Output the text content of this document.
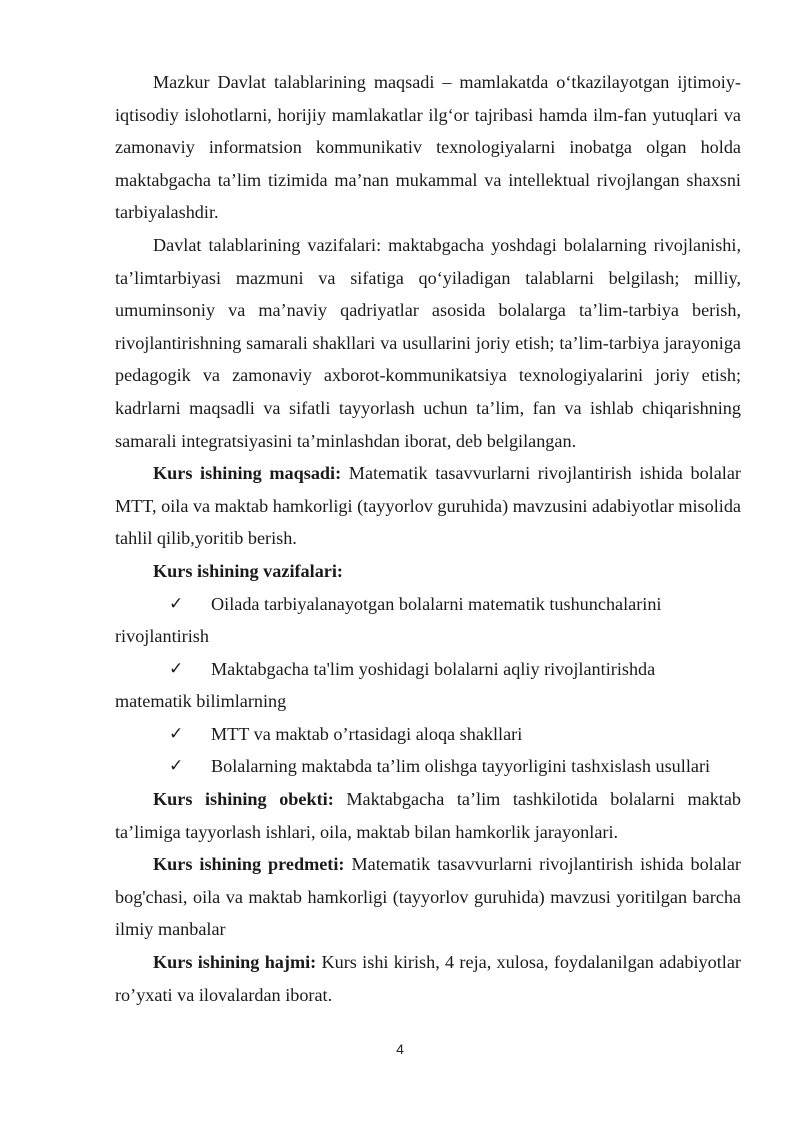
Mazkur Davlat talablarining maqsadi – mamlakatda o‘tkazilayotgan ijtimoiy-iqtisodiy islohotlarni, horijiy mamlakatlar ilg‘or tajribasi hamda ilm-fan yutuqlari va zamonaviy informatsion kommunikativ texnologiyalarni inobatga olgan holda maktabgacha ta’lim tizimida ma’nan mukammal va intellektual rivojlangan shaxsni tarbiyalashdir.

Davlat talablarining vazifalari: maktabgacha yoshdagi bolalarning rivojlanishi, ta’limtarbiyasi mazmuni va sifatiga qo‘yiladigan talablarni belgilash; milliy, umuminsoniy va ma’naviy qadriyatlar asosida bolalarga ta’lim-tarbiya berish, rivojlantirishning samarali shakllari va usullarini joriy etish; ta’lim-tarbiya jarayoniga pedagogik va zamonaviy axborot-kommunikatsiya texnologiyalarini joriy etish; kadrlarni maqsadli va sifatli tayyorlash uchun ta’lim, fan va ishlab chiqarishning samarali integratsiyasini ta’minlashdan iborat, deb belgilangan.

Kurs ishining maqsadi: Matematik tasavvurlarni rivojlantirish ishida bolalar MTT, oila va maktab hamkorligi (tayyorlov guruhida) mavzusini adabiyotlar misolida tahlil qilib,yoritib berish.

Kurs ishining vazifalari:

✓	Oilada tarbiyalanayotgan bolalarni matematik tushunchalarini
rivojlantirish
✓	Maktabgacha ta'lim yoshidagi bolalarni aqliy rivojlantirishda
matematik bilimlarning
✓	MTT va maktab o’rtasidagi aloqa shakllari
✓	Bolalarning maktabda ta’lim olishga tayyorligini tashxislash usullari

Kurs ishining obekti: Maktabgacha ta’lim tashkilotida bolalarni maktab ta’limiga tayyorlash ishlari, oila, maktab bilan hamkorlik jarayonlari.

Kurs ishining predmeti: Matematik tasavvurlarni rivojlantirish ishida bolalar bog'chasi, oila va maktab hamkorligi (tayyorlov guruhida) mavzusi yoritilgan barcha ilmiy manbalar

Kurs ishining hajmi: Kurs ishi kirish, 4 reja, xulosa, foydalanilgan adabiyotlar ro’yxati va ilovalardan iborat.

4
